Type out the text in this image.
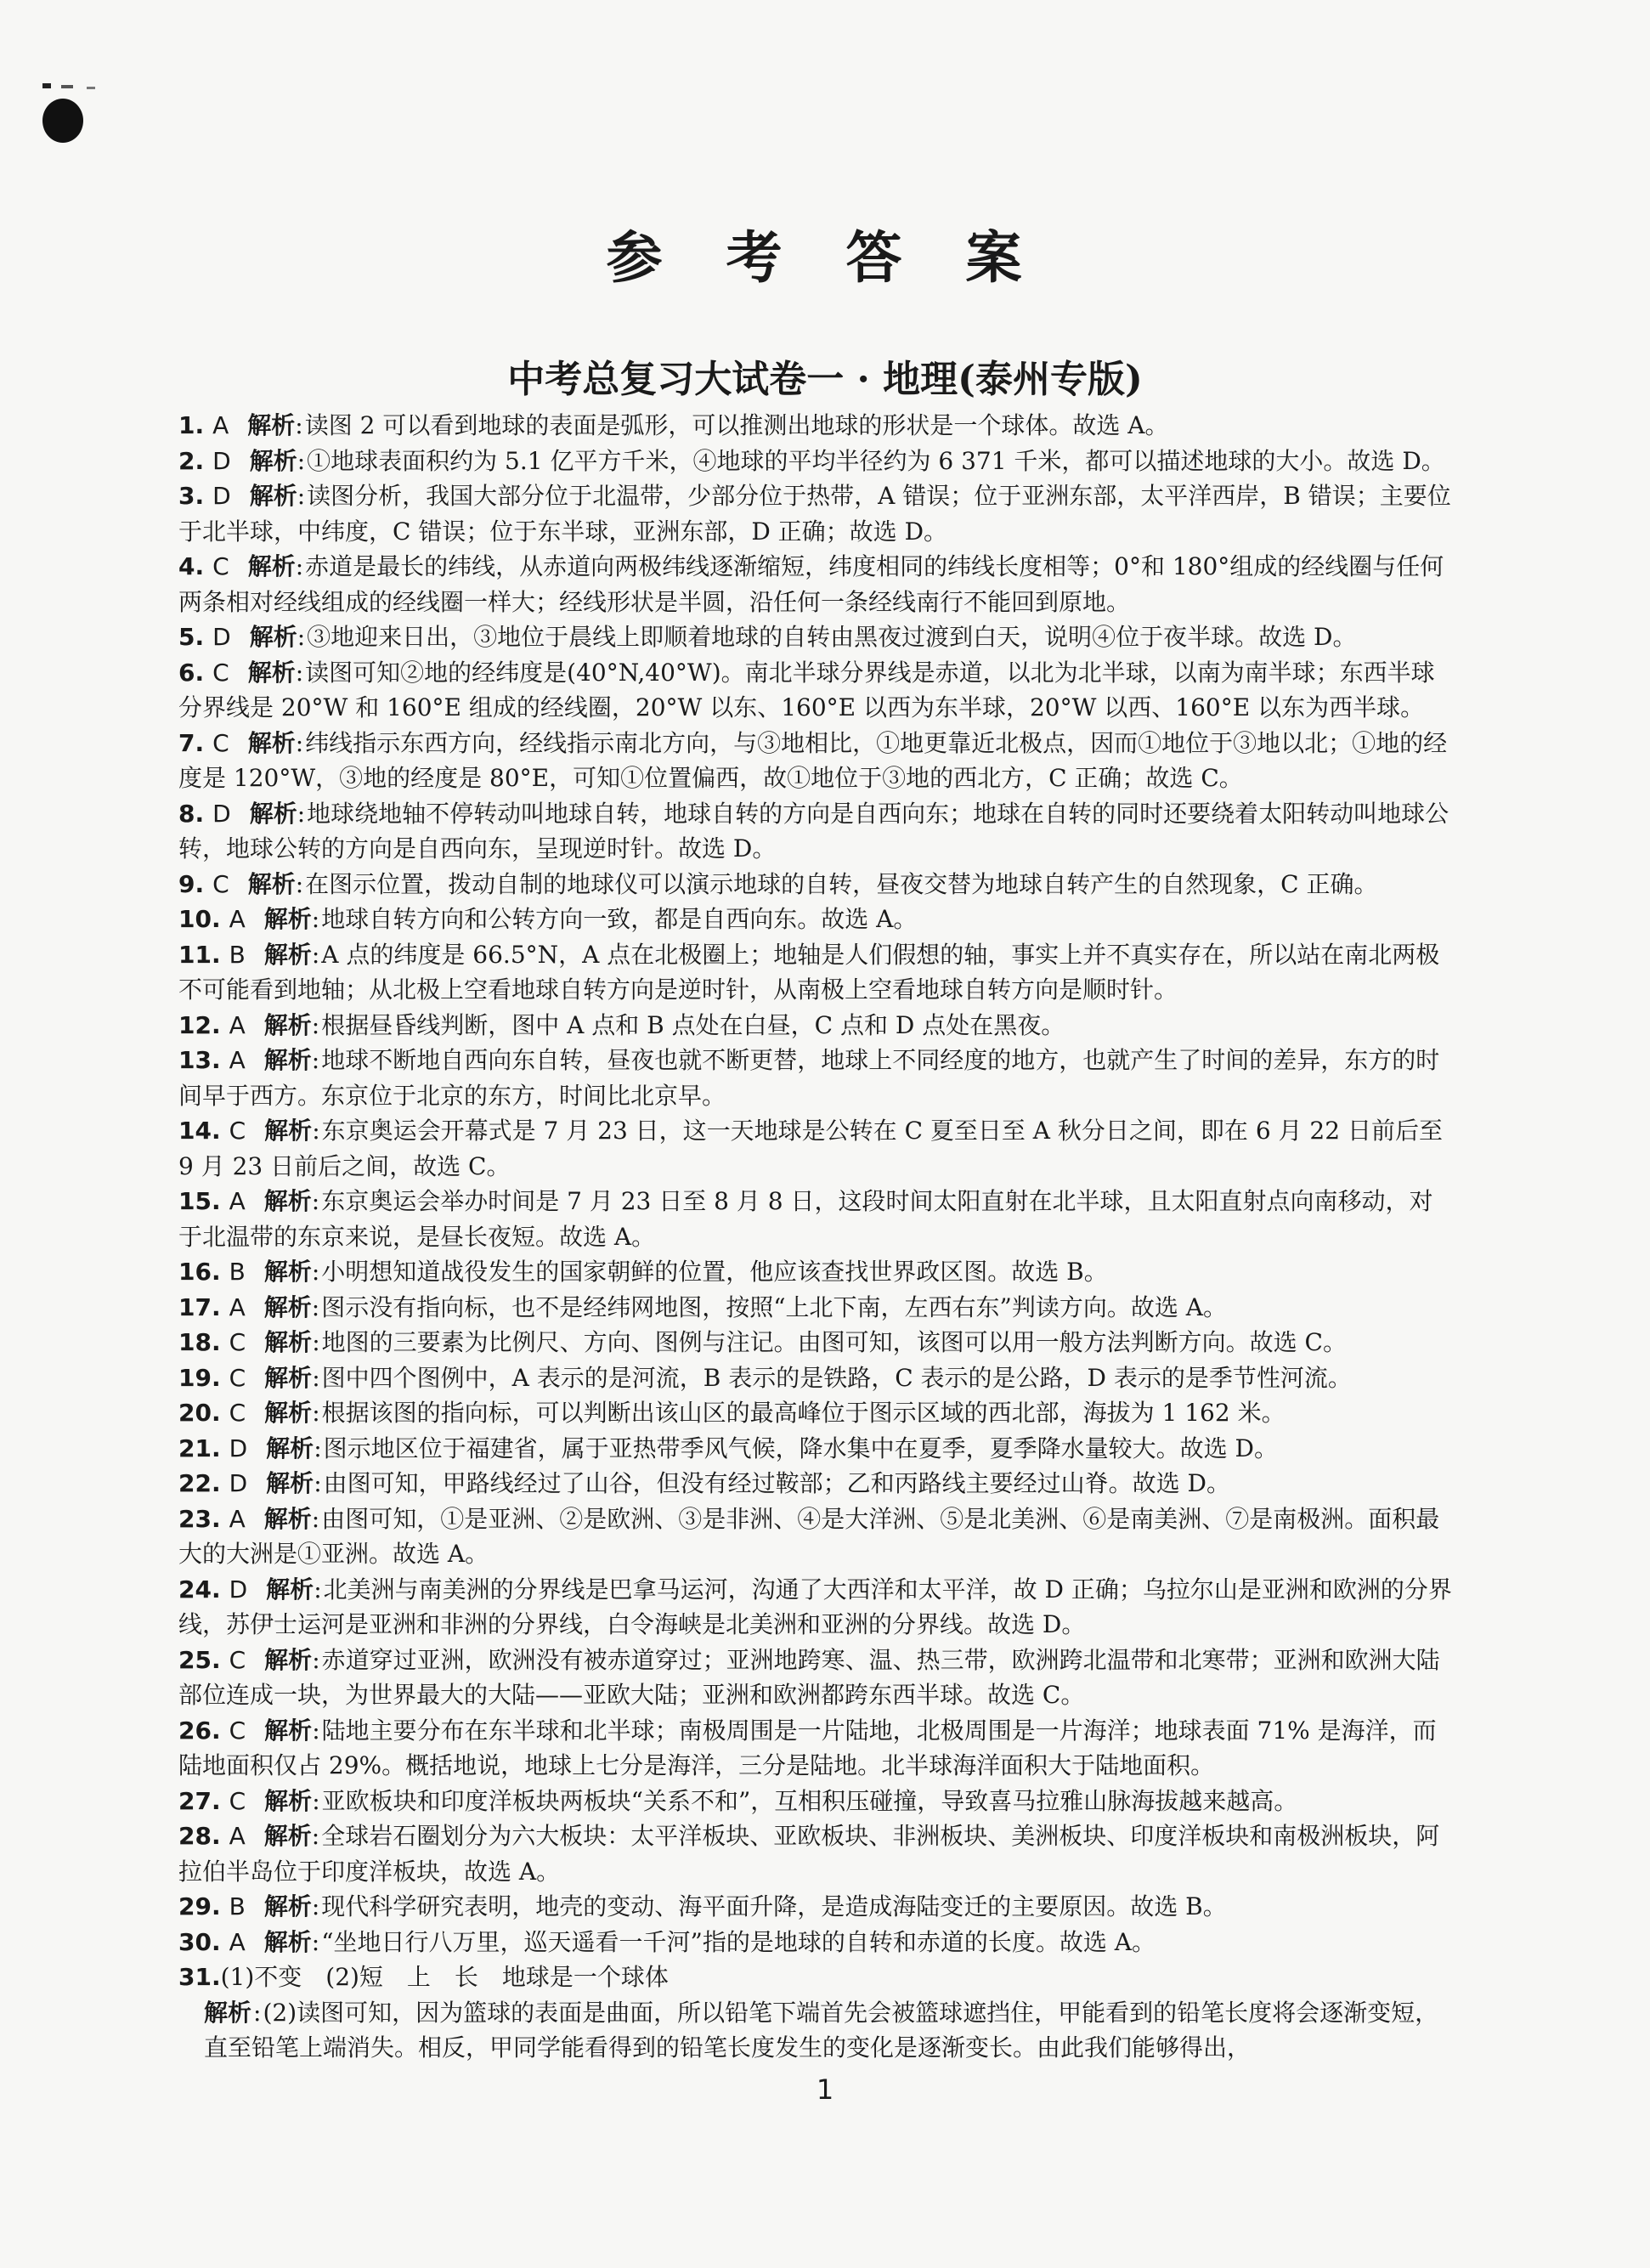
参 考 答 案
中考总复习大试卷一 · 地理(泰州专版)

1. A 解析:读图 2 可以看到地球的表面是弧形，可以推测出地球的形状是一个球体。故选 A。

2. D 解析:①地球表面积约为 5.1 亿平方千米，④地球的平均半径约为 6 371 千米，都可以描述地球的大小。故选 D。

3. D 解析:读图分析，我国大部分位于北温带，少部分位于热带，A 错误；位于亚洲东部，太平洋西岸，B 错误；主要位于北半球，中纬度，C 错误；位于东半球，亚洲东部，D 正确；故选 D。

4. C 解析:赤道是最长的纬线，从赤道向两极纬线逐渐缩短，纬度相同的纬线长度相等；0°和 180°组成的经线圈与任何两条相对经线组成的经线圈一样大；经线形状是半圆，沿任何一条经线南行不能回到原地。

5. D 解析:③地迎来日出，③地位于晨线上即顺着地球的自转由黑夜过渡到白天，说明④位于夜半球。故选 D。

6. C 解析:读图可知②地的经纬度是(40°N,40°W)。南北半球分界线是赤道，以北为北半球，以南为南半球；东西半球分界线是 20°W 和 160°E 组成的经线圈，20°W 以东、160°E 以西为东半球，20°W 以西、160°E 以东为西半球。

7. C 解析:纬线指示东西方向，经线指示南北方向，与③地相比，①地更靠近北极点，因而①地位于③地以北；①地的经度是 120°W，③地的经度是 80°E，可知①位置偏西，故①地位于③地的西北方，C 正确；故选 C。

8. D 解析:地球绕地轴不停转动叫地球自转，地球自转的方向是自西向东；地球在自转的同时还要绕着太阳转动叫地球公转，地球公转的方向是自西向东，呈现逆时针。故选 D。

9. C 解析:在图示位置，拨动自制的地球仪可以演示地球的自转，昼夜交替为地球自转产生的自然现象，C 正确。

10. A 解析:地球自转方向和公转方向一致，都是自西向东。故选 A。

11. B 解析:A 点的纬度是 66.5°N，A 点在北极圈上；地轴是人们假想的轴，事实上并不真实存在，所以站在南北两极不可能看到地轴；从北极上空看地球自转方向是逆时针，从南极上空看地球自转方向是顺时针。

12. A 解析:根据昼昏线判断，图中 A 点和 B 点处在白昼，C 点和 D 点处在黑夜。

13. A 解析:地球不断地自西向东自转，昼夜也就不断更替，地球上不同经度的地方，也就产生了时间的差异，东方的时间早于西方。东京位于北京的东方，时间比北京早。

14. C 解析:东京奥运会开幕式是 7 月 23 日，这一天地球是公转在 C 夏至日至 A 秋分日之间，即在 6 月 22 日前后至 9 月 23 日前后之间，故选 C。

15. A 解析:东京奥运会举办时间是 7 月 23 日至 8 月 8 日，这段时间太阳直射在北半球，且太阳直射点向南移动，对于北温带的东京来说，是昼长夜短。故选 A。

16. B 解析:小明想知道战役发生的国家朝鲜的位置，他应该查找世界政区图。故选 B。

17. A 解析:图示没有指向标，也不是经纬网地图，按照“上北下南，左西右东”判读方向。故选 A。

18. C 解析:地图的三要素为比例尺、方向、图例与注记。由图可知，该图可以用一般方法判断方向。故选 C。

19. C 解析:图中四个图例中，A 表示的是河流，B 表示的是铁路，C 表示的是公路，D 表示的是季节性河流。

20. C 解析:根据该图的指向标，可以判断出该山区的最高峰位于图示区域的西北部，海拔为 1 162 米。

21. D 解析:图示地区位于福建省，属于亚热带季风气候，降水集中在夏季，夏季降水量较大。故选 D。

22. D 解析:由图可知，甲路线经过了山谷，但没有经过鞍部；乙和丙路线主要经过山脊。故选 D。

23. A 解析:由图可知，①是亚洲、②是欧洲、③是非洲、④是大洋洲、⑤是北美洲、⑥是南美洲、⑦是南极洲。面积最大的大洲是①亚洲。故选 A。

24. D 解析:北美洲与南美洲的分界线是巴拿马运河，沟通了大西洋和太平洋，故 D 正确；乌拉尔山是亚洲和欧洲的分界线，苏伊士运河是亚洲和非洲的分界线，白令海峡是北美洲和亚洲的分界线。故选 D。

25. C 解析:赤道穿过亚洲，欧洲没有被赤道穿过；亚洲地跨寒、温、热三带，欧洲跨北温带和北寒带；亚洲和欧洲大陆部位连成一块，为世界最大的大陆——亚欧大陆；亚洲和欧洲都跨东西半球。故选 C。

26. C 解析:陆地主要分布在东半球和北半球；南极周围是一片陆地，北极周围是一片海洋；地球表面 71% 是海洋，而陆地面积仅占 29%。概括地说，地球上七分是海洋，三分是陆地。北半球海洋面积大于陆地面积。

27. C 解析:亚欧板块和印度洋板块两板块“关系不和”，互相积压碰撞，导致喜马拉雅山脉海拔越来越高。

28. A 解析:全球岩石圈划分为六大板块：太平洋板块、亚欧板块、非洲板块、美洲板块、印度洋板块和南极洲板块，阿拉伯半岛位于印度洋板块，故选 A。

29. B 解析:现代科学研究表明，地壳的变动、海平面升降，是造成海陆变迁的主要原因。故选 B。

30. A 解析:“坐地日行八万里，巡天遥看一千河”指的是地球的自转和赤道的长度。故选 A。

31.(1)不变　(2)短　上　长　地球是一个球体

解析:(2)读图可知，因为篮球的表面是曲面，所以铅笔下端首先会被篮球遮挡住，甲能看到的铅笔长度将会逐渐变短，直至铅笔上端消失。相反，甲同学能看得到的铅笔长度发生的变化是逐渐变长。由此我们能够得出，

1
